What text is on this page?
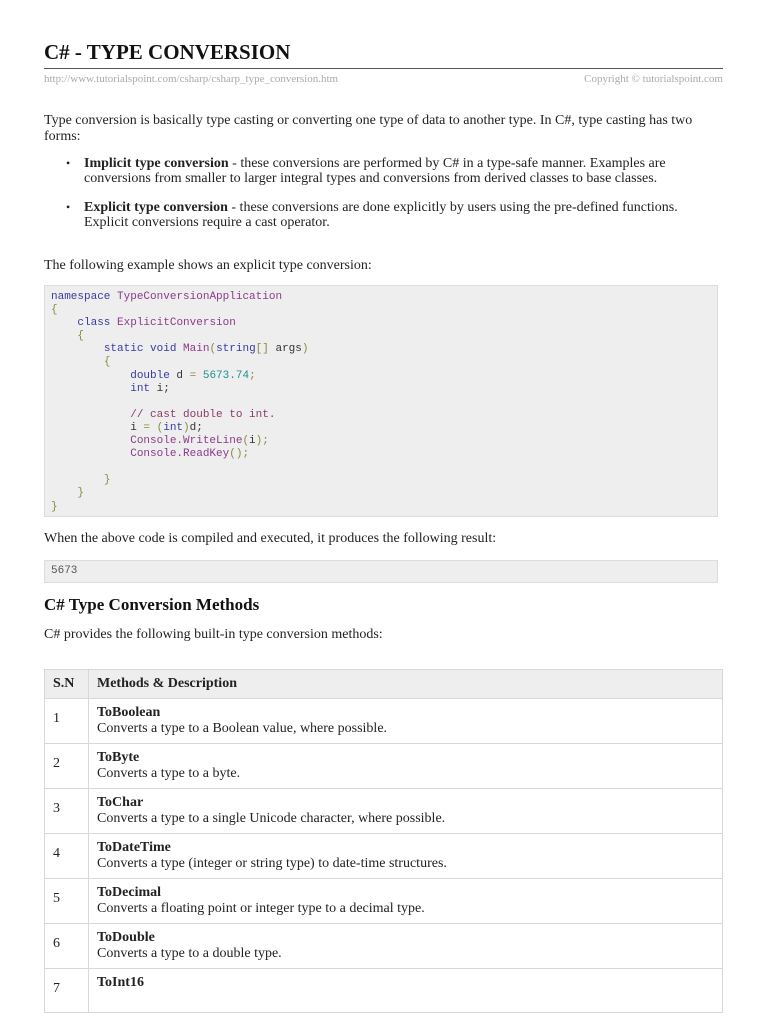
C# - TYPE CONVERSION
http://www.tutorialspoint.com/csharp/csharp_type_conversion.htm	Copyright © tutorialspoint.com

Type conversion is basically type casting or converting one type of data to another type. In C#, type casting has two forms:

• Implicit type conversion - these conversions are performed by C# in a type-safe manner. Examples are conversions from smaller to larger integral types and conversions from derived classes to base classes.
• Explicit type conversion - these conversions are done explicitly by users using the pre-defined functions. Explicit conversions require a cast operator.

The following example shows an explicit type conversion:

namespace TypeConversionApplication
{
class ExplicitConversion
{
static void Main(string[] args)
{
double d = 5673.74;
int i;

// cast double to int.
i = (int)d;
Console.WriteLine(i);
Console.ReadKey();

}
}
}

When the above code is compiled and executed, it produces the following result:

5673
C# Type Conversion Methods

C# provides the following built-in type conversion methods:

S.N	Methods & Description
1	ToBoolean
Converts a type to a Boolean value, where possible.
2	ToByte
Converts a type to a byte.
3	ToChar
Converts a type to a single Unicode character, where possible.
4	ToDateTime
Converts a type (integer or string type) to date-time structures.
5	ToDecimal
Converts a floating point or integer type to a decimal type.
6	ToDouble
Converts a type to a double type.
7	ToInt16
